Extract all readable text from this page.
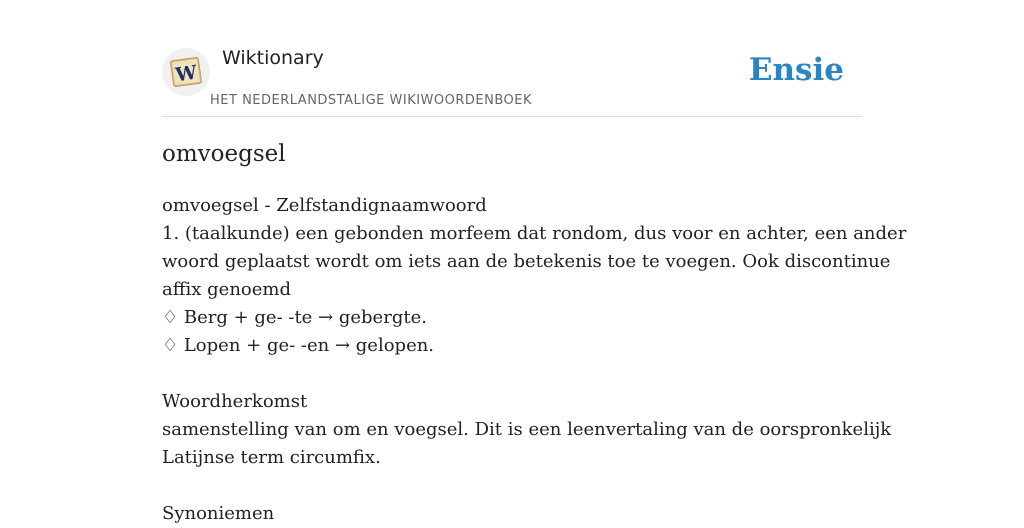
W
Wiktionary
HET NEDERLANDSTALIGE WIKIWOORDENBOEK
Ensie
omvoegsel
omvoegsel - Zelfstandignaamwoord
1. (taalkunde) een gebonden morfeem dat rondom, dus voor en achter, een ander
woord geplaatst wordt om iets aan de betekenis toe te voegen. Ook discontinue
affix genoemd
♢ Berg + ge- -te → gebergte.
♢ Lopen + ge- -en → gelopen.
Woordherkomst
samenstelling van om en voegsel. Dit is een leenvertaling van de oorspronkelijk
Latijnse term circumfix.
Synoniemen
